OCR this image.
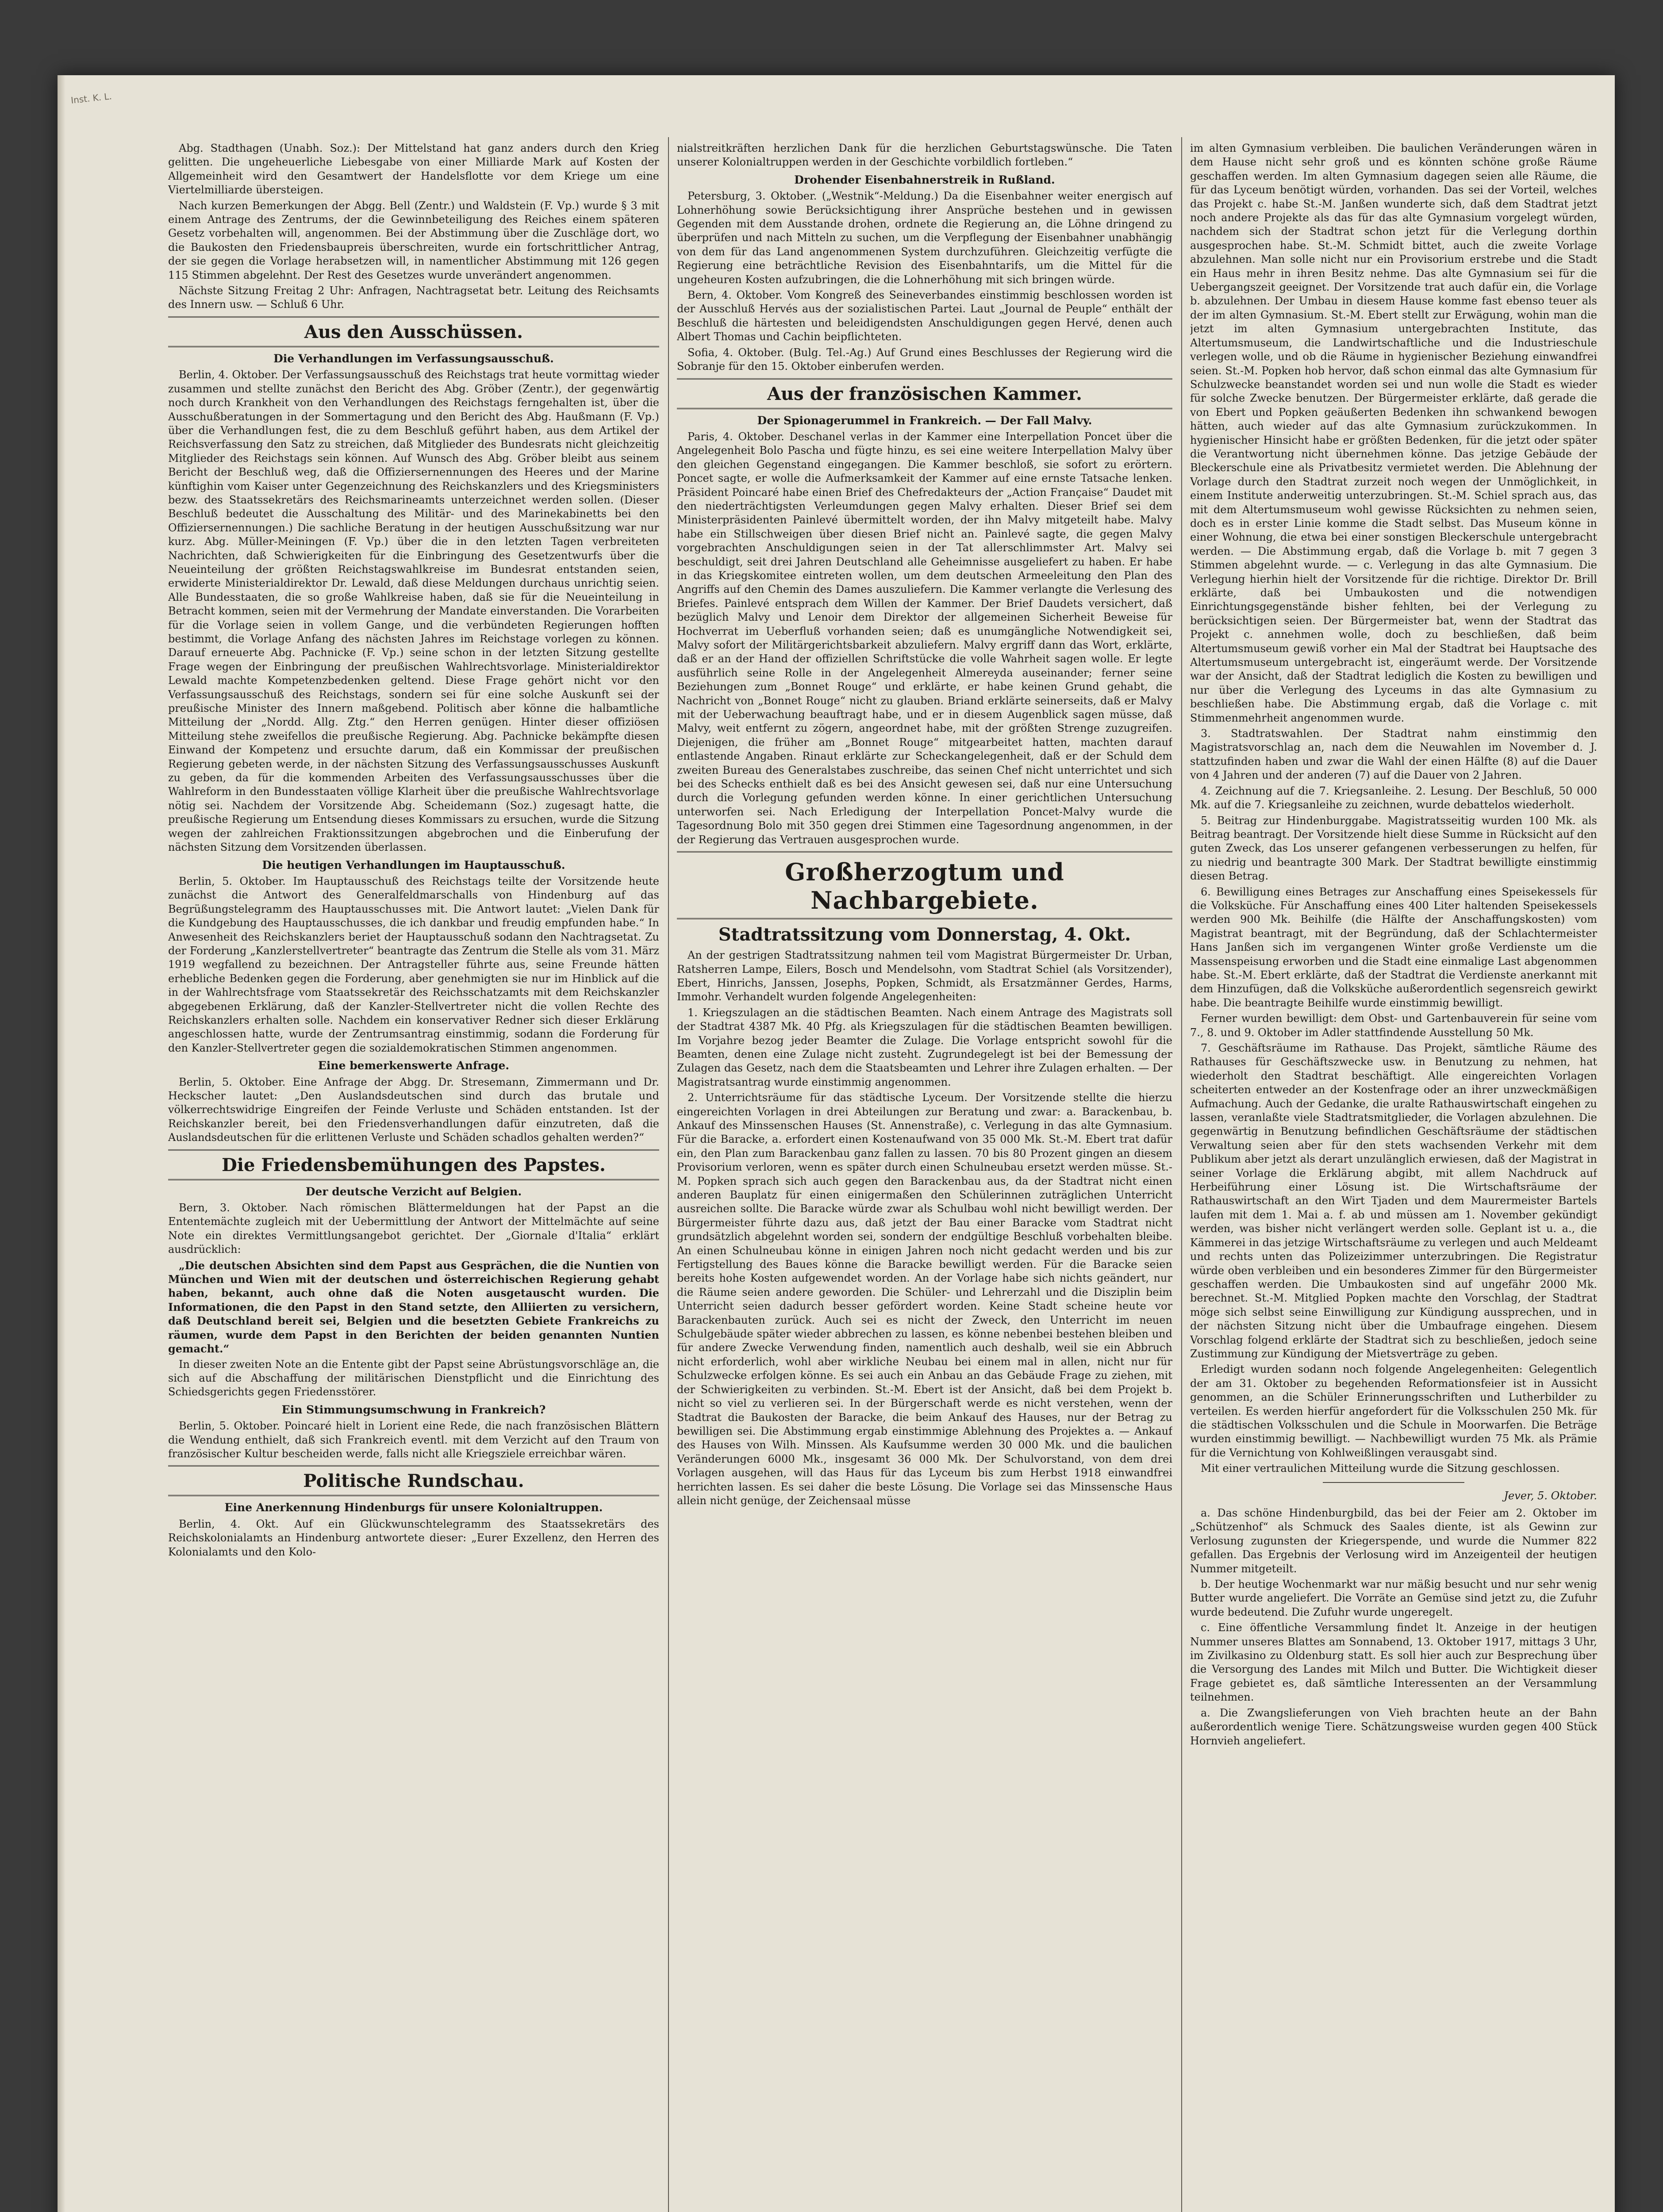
Inst. K. L.

Abg. Stadthagen (Unabh. Soz.): Der Mittelstand hat ganz anders durch den Krieg gelitten. Die ungeheuerliche Liebesgabe von einer Milliarde Mark auf Kosten der Allgemeinheit wird den Gesamtwert der Handelsflotte vor dem Kriege um eine Viertelmilliarde übersteigen.

Nach kurzen Bemerkungen der Abgg. Bell (Zentr.) und Waldstein (F. Vp.) wurde § 3 mit einem Antrage des Zentrums, der die Gewinnbeteiligung des Reiches einem späteren Gesetz vorbehalten will, angenommen. Bei der Abstimmung über die Zuschläge dort, wo die Baukosten den Friedensbaupreis überschreiten, wurde ein fortschrittlicher Antrag, der sie gegen die Vorlage herabsetzen will, in namentlicher Abstimmung mit 126 gegen 115 Stimmen abgelehnt. Der Rest des Gesetzes wurde unverändert angenommen.

Nächste Sitzung Freitag 2 Uhr: Anfragen, Nachtragsetat betr. Leitung des Reichsamts des Innern usw. — Schluß 6 Uhr.

Aus den Ausschüssen.
Die Verhandlungen im Verfassungsausschuß.

Berlin, 4. Oktober. Der Verfassungsausschuß des Reichstags trat heute vormittag wieder zusammen und stellte zunächst den Bericht des Abg. Gröber (Zentr.), der gegenwärtig noch durch Krankheit von den Verhandlungen des Reichstags ferngehalten ist, über die Ausschußberatungen in der Sommertagung und den Bericht des Abg. Haußmann (F. Vp.) über die Verhandlungen fest, die zu dem Beschluß geführt haben, aus dem Artikel der Reichsverfassung den Satz zu streichen, daß Mitglieder des Bundesrats nicht gleichzeitig Mitglieder des Reichstags sein können. Auf Wunsch des Abg. Gröber bleibt aus seinem Bericht der Beschluß weg, daß die Offiziersernennungen des Heeres und der Marine künftighin vom Kaiser unter Gegenzeichnung des Reichskanzlers und des Kriegsministers bezw. des Staatssekretärs des Reichsmarineamts unterzeichnet werden sollen. (Dieser Beschluß bedeutet die Ausschaltung des Militär- und des Marinekabinetts bei den Offiziersernennungen.) Die sachliche Beratung in der heutigen Ausschußsitzung war nur kurz. Abg. Müller-Meiningen (F. Vp.) über die in den letzten Tagen verbreiteten Nachrichten, daß Schwierigkeiten für die Einbringung des Gesetzentwurfs über die Neueinteilung der größten Reichstagswahlkreise im Bundesrat entstanden seien, erwiderte Ministerialdirektor Dr. Lewald, daß diese Meldungen durchaus unrichtig seien. Alle Bundesstaaten, die so große Wahlkreise haben, daß sie für die Neueinteilung in Betracht kommen, seien mit der Vermehrung der Mandate einverstanden. Die Vorarbeiten für die Vorlage seien in vollem Gange, und die verbündeten Regierungen hofften bestimmt, die Vorlage Anfang des nächsten Jahres im Reichstage vorlegen zu können. Darauf erneuerte Abg. Pachnicke (F. Vp.) seine schon in der letzten Sitzung gestellte Frage wegen der Einbringung der preußischen Wahlrechtsvorlage. Ministerialdirektor Lewald machte Kompetenzbedenken geltend. Diese Frage gehört nicht vor den Verfassungsausschuß des Reichstags, sondern sei für eine solche Auskunft sei der preußische Minister des Innern maßgebend. Politisch aber könne die halbamtliche Mitteilung der „Nordd. Allg. Ztg.“ den Herren genügen. Hinter dieser offiziösen Mitteilung stehe zweifellos die preußische Regierung. Abg. Pachnicke bekämpfte diesen Einwand der Kompetenz und ersuchte darum, daß ein Kommissar der preußischen Regierung gebeten werde, in der nächsten Sitzung des Verfassungsausschusses Auskunft zu geben, da für die kommenden Arbeiten des Verfassungsausschusses über die Wahlreform in den Bundesstaaten völlige Klarheit über die preußische Wahlrechtsvorlage nötig sei. Nachdem der Vorsitzende Abg. Scheidemann (Soz.) zugesagt hatte, die preußische Regierung um Entsendung dieses Kommissars zu ersuchen, wurde die Sitzung wegen der zahlreichen Fraktionssitzungen abgebrochen und die Einberufung der nächsten Sitzung dem Vorsitzenden überlassen.

Die heutigen Verhandlungen im Hauptausschuß.

Berlin, 5. Oktober. Im Hauptausschuß des Reichstags teilte der Vorsitzende heute zunächst die Antwort des Generalfeldmarschalls von Hindenburg auf das Begrüßungstelegramm des Hauptausschusses mit. Die Antwort lautet: „Vielen Dank für die Kundgebung des Hauptausschusses, die ich dankbar und freudig empfunden habe.“ In Anwesenheit des Reichskanzlers beriet der Hauptausschuß sodann den Nachtragsetat. Zu der Forderung „Kanzlerstellvertreter“ beantragte das Zentrum die Stelle als vom 31. März 1919 wegfallend zu bezeichnen. Der Antragsteller führte aus, seine Freunde hätten erhebliche Bedenken gegen die Forderung, aber genehmigten sie nur im Hinblick auf die in der Wahlrechtsfrage vom Staatssekretär des Reichsschatzamts mit dem Reichskanzler abgegebenen Erklärung, daß der Kanzler-Stellvertreter nicht die vollen Rechte des Reichskanzlers erhalten solle. Nachdem ein konservativer Redner sich dieser Erklärung angeschlossen hatte, wurde der Zentrumsantrag einstimmig, sodann die Forderung für den Kanzler-Stellvertreter gegen die sozialdemokratischen Stimmen angenommen.

Eine bemerkenswerte Anfrage.

Berlin, 5. Oktober. Eine Anfrage der Abgg. Dr. Stresemann, Zimmermann und Dr. Heckscher lautet: „Den Auslandsdeutschen sind durch das brutale und völkerrechtswidrige Eingreifen der Feinde Verluste und Schäden entstanden. Ist der Reichskanzler bereit, bei den Friedensverhandlungen dafür einzutreten, daß die Auslandsdeutschen für die erlittenen Verluste und Schäden schadlos gehalten werden?“

Die Friedensbemühungen des Papstes.
Der deutsche Verzicht auf Belgien.

Bern, 3. Oktober. Nach römischen Blättermeldungen hat der Papst an die Ententemächte zugleich mit der Uebermittlung der Antwort der Mittelmächte auf seine Note ein direktes Vermittlungsangebot gerichtet. Der „Giornale d'Italia“ erklärt ausdrücklich:

„Die deutschen Absichten sind dem Papst aus Gesprächen, die die Nuntien von München und Wien mit der deutschen und österreichischen Regierung gehabt haben, bekannt, auch ohne daß die Noten ausgetauscht wurden. Die Informationen, die den Papst in den Stand setzte, den Alliierten zu versichern, daß Deutschland bereit sei, Belgien und die besetzten Gebiete Frankreichs zu räumen, wurde dem Papst in den Berichten der beiden genannten Nuntien gemacht.“

In dieser zweiten Note an die Entente gibt der Papst seine Abrüstungsvorschläge an, die sich auf die Abschaffung der militärischen Dienstpflicht und die Einrichtung des Schiedsgerichts gegen Friedensstörer.

Ein Stimmungsumschwung in Frankreich?

Berlin, 5. Oktober. Poincaré hielt in Lorient eine Rede, die nach französischen Blättern die Wendung enthielt, daß sich Frankreich eventl. mit dem Verzicht auf den Traum von französischer Kultur bescheiden werde, falls nicht alle Kriegsziele erreichbar wären.

Politische Rundschau.
Eine Anerkennung Hindenburgs für unsere Kolonialtruppen.

Berlin, 4. Okt. Auf ein Glückwunschtelegramm des Staatssekretärs des Reichskolonialamts an Hindenburg antwortete dieser: „Eurer Exzellenz, den Herren des Kolonialamts und den Kolo-

nialstreitkräften herzlichen Dank für die herzlichen Geburtstagswünsche. Die Taten unserer Kolonialtruppen werden in der Geschichte vorbildlich fortleben.“

Drohender Eisenbahnerstreik in Rußland.

Petersburg, 3. Oktober. („Westnik“-Meldung.) Da die Eisenbahner weiter energisch auf Lohnerhöhung sowie Berücksichtigung ihrer Ansprüche bestehen und in gewissen Gegenden mit dem Ausstande drohen, ordnete die Regierung an, die Löhne dringend zu überprüfen und nach Mitteln zu suchen, um die Verpflegung der Eisenbahner unabhängig von dem für das Land angenommenen System durchzuführen. Gleichzeitig verfügte die Regierung eine beträchtliche Revision des Eisenbahntarifs, um die Mittel für die ungeheuren Kosten aufzubringen, die die Lohnerhöhung mit sich bringen würde.

Bern, 4. Oktober. Vom Kongreß des Seineverbandes einstimmig beschlossen worden ist der Ausschluß Hervés aus der sozialistischen Partei. Laut „Journal de Peuple“ enthält der Beschluß die härtesten und beleidigendsten Anschuldigungen gegen Hervé, denen auch Albert Thomas und Cachin beipflichteten.

Sofia, 4. Oktober. (Bulg. Tel.-Ag.) Auf Grund eines Beschlusses der Regierung wird die Sobranje für den 15. Oktober einberufen werden.

Aus der französischen Kammer.
Der Spionagerummel in Frankreich. — Der Fall Malvy.

Paris, 4. Oktober. Deschanel verlas in der Kammer eine Interpellation Poncet über die Angelegenheit Bolo Pascha und fügte hinzu, es sei eine weitere Interpellation Malvy über den gleichen Gegenstand eingegangen. Die Kammer beschloß, sie sofort zu erörtern. Poncet sagte, er wolle die Aufmerksamkeit der Kammer auf eine ernste Tatsache lenken. Präsident Poincaré habe einen Brief des Chefredakteurs der „Action Française“ Daudet mit den niederträchtigsten Verleumdungen gegen Malvy erhalten. Dieser Brief sei dem Ministerpräsidenten Painlevé übermittelt worden, der ihn Malvy mitgeteilt habe. Malvy habe ein Stillschweigen über diesen Brief nicht an. Painlevé sagte, die gegen Malvy vorgebrachten Anschuldigungen seien in der Tat allerschlimmster Art. Malvy sei beschuldigt, seit drei Jahren Deutschland alle Geheimnisse ausgeliefert zu haben. Er habe in das Kriegskomitee eintreten wollen, um dem deutschen Armeeleitung den Plan des Angriffs auf den Chemin des Dames auszuliefern. Die Kammer verlangte die Verlesung des Briefes. Painlevé entsprach dem Willen der Kammer. Der Brief Daudets versichert, daß bezüglich Malvy und Lenoir dem Direktor der allgemeinen Sicherheit Beweise für Hochverrat im Ueberfluß vorhanden seien; daß es unumgängliche Notwendigkeit sei, Malvy sofort der Militärgerichtsbarkeit abzuliefern. Malvy ergriff dann das Wort, erklärte, daß er an der Hand der offiziellen Schriftstücke die volle Wahrheit sagen wolle. Er legte ausführlich seine Rolle in der Angelegenheit Almereyda auseinander; ferner seine Beziehungen zum „Bonnet Rouge“ und erklärte, er habe keinen Grund gehabt, die Nachricht von „Bonnet Rouge“ nicht zu glauben. Briand erklärte seinerseits, daß er Malvy mit der Ueberwachung beauftragt habe, und er in diesem Augenblick sagen müsse, daß Malvy, weit entfernt zu zögern, angeordnet habe, mit der größten Strenge zuzugreifen. Diejenigen, die früher am „Bonnet Rouge“ mitgearbeitet hatten, machten darauf entlastende Angaben. Rinaut erklärte zur Scheckangelegenheit, daß er der Schuld dem zweiten Bureau des Generalstabes zuschreibe, das seinen Chef nicht unterrichtet und sich bei des Schecks enthielt daß es bei des Ansicht gewesen sei, daß nur eine Untersuchung durch die Vorlegung gefunden werden könne. In einer gerichtlichen Untersuchung unterworfen sei. Nach Erledigung der Interpellation Poncet-Malvy wurde die Tagesordnung Bolo mit 350 gegen drei Stimmen eine Tagesordnung angenommen, in der der Regierung das Vertrauen ausgesprochen wurde.

Großherzogtum und Nachbargebiete.
Stadtratssitzung vom Donnerstag, 4. Okt.

An der gestrigen Stadtratssitzung nahmen teil vom Magistrat Bürgermeister Dr. Urban, Ratsherren Lampe, Eilers, Bosch und Mendelsohn, vom Stadtrat Schiel (als Vorsitzender), Ebert, Hinrichs, Janssen, Josephs, Popken, Schmidt, als Ersatzmänner Gerdes, Harms, Immohr. Verhandelt wurden folgende Angelegenheiten:

1. Kriegszulagen an die städtischen Beamten. Nach einem Antrage des Magistrats soll der Stadtrat 4387 Mk. 40 Pfg. als Kriegszulagen für die städtischen Beamten bewilligen. Im Vorjahre bezog jeder Beamter die Zulage. Die Vorlage entspricht sowohl für die Beamten, denen eine Zulage nicht zusteht. Zugrundegelegt ist bei der Bemessung der Zulagen das Gesetz, nach dem die Staatsbeamten und Lehrer ihre Zulagen erhalten. — Der Magistratsantrag wurde einstimmig angenommen.

2. Unterrichtsräume für das städtische Lyceum. Der Vorsitzende stellte die hierzu eingereichten Vorlagen in drei Abteilungen zur Beratung und zwar: a. Barackenbau, b. Ankauf des Minssenschen Hauses (St. Annenstraße), c. Verlegung in das alte Gymnasium. Für die Baracke, a. erfordert einen Kostenaufwand von 35 000 Mk. St.-M. Ebert trat dafür ein, den Plan zum Barackenbau ganz fallen zu lassen. 70 bis 80 Prozent gingen an diesem Provisorium verloren, wenn es später durch einen Schulneubau ersetzt werden müsse. St.-M. Popken sprach sich auch gegen den Barackenbau aus, da der Stadtrat nicht einen anderen Bauplatz für einen einigermaßen den Schülerinnen zuträglichen Unterricht ausreichen sollte. Die Baracke würde zwar als Schulbau wohl nicht bewilligt werden. Der Bürgermeister führte dazu aus, daß jetzt der Bau einer Baracke vom Stadtrat nicht grundsätzlich abgelehnt worden sei, sondern der endgültige Beschluß vorbehalten bleibe. An einen Schulneubau könne in einigen Jahren noch nicht gedacht werden und bis zur Fertigstellung des Baues könne die Baracke bewilligt werden. Für die Baracke seien bereits hohe Kosten aufgewendet worden. An der Vorlage habe sich nichts geändert, nur die Räume seien andere geworden. Die Schüler- und Lehrerzahl und die Disziplin beim Unterricht seien dadurch besser gefördert worden. Keine Stadt scheine heute vor Barackenbauten zurück. Auch sei es nicht der Zweck, den Unterricht im neuen Schulgebäude später wieder abbrechen zu lassen, es könne nebenbei bestehen bleiben und für andere Zwecke Verwendung finden, namentlich auch deshalb, weil sie ein Abbruch nicht erforderlich, wohl aber wirkliche Neubau bei einem mal in allen, nicht nur für Schulzwecke erfolgen könne. Es sei auch ein Anbau an das Gebäude Frage zu ziehen, mit der Schwierigkeiten zu verbinden. St.-M. Ebert ist der Ansicht, daß bei dem Projekt b. nicht so viel zu verlieren sei. In der Bürgerschaft werde es nicht verstehen, wenn der Stadtrat die Baukosten der Baracke, die beim Ankauf des Hauses, nur der Betrag zu bewilligen sei. Die Abstimmung ergab einstimmige Ablehnung des Projektes a. — Ankauf des Hauses von Wilh. Minssen. Als Kaufsumme werden 30 000 Mk. und die baulichen Veränderungen 6000 Mk., insgesamt 36 000 Mk. Der Schulvorstand, von dem drei Vorlagen ausgehen, will das Haus für das Lyceum bis zum Herbst 1918 einwandfrei herrichten lassen. Es sei daher die beste Lösung. Die Vorlage sei das Minssensche Haus allein nicht genüge, der Zeichensaal müsse

im alten Gymnasium verbleiben. Die baulichen Veränderungen wären in dem Hause nicht sehr groß und es könnten schöne große Räume geschaffen werden. Im alten Gymnasium dagegen seien alle Räume, die für das Lyceum benötigt würden, vorhanden. Das sei der Vorteil, welches das Projekt c. habe St.-M. Janßen wunderte sich, daß dem Stadtrat jetzt noch andere Projekte als das für das alte Gymnasium vorgelegt würden, nachdem sich der Stadtrat schon jetzt für die Verlegung dorthin ausgesprochen habe. St.-M. Schmidt bittet, auch die zweite Vorlage abzulehnen. Man solle nicht nur ein Provisorium erstrebe und die Stadt ein Haus mehr in ihren Besitz nehme. Das alte Gymnasium sei für die Uebergangszeit geeignet. Der Vorsitzende trat auch dafür ein, die Vorlage b. abzulehnen. Der Umbau in diesem Hause komme fast ebenso teuer als der im alten Gymnasium. St.-M. Ebert stellt zur Erwägung, wohin man die jetzt im alten Gymnasium untergebrachten Institute, das Altertumsmuseum, die Landwirtschaftliche und die Industrieschule verlegen wolle, und ob die Räume in hygienischer Beziehung einwandfrei seien. St.-M. Popken hob hervor, daß schon einmal das alte Gymnasium für Schulzwecke beanstandet worden sei und nun wolle die Stadt es wieder für solche Zwecke benutzen. Der Bürgermeister erklärte, daß gerade die von Ebert und Popken geäußerten Bedenken ihn schwankend bewogen hätten, auch wieder auf das alte Gymnasium zurückzukommen. In hygienischer Hinsicht habe er größten Bedenken, für die jetzt oder später die Verantwortung nicht übernehmen könne. Das jetzige Gebäude der Bleckerschule eine als Privatbesitz vermietet werden. Die Ablehnung der Vorlage durch den Stadtrat zurzeit noch wegen der Unmöglichkeit, in einem Institute anderweitig unterzubringen. St.-M. Schiel sprach aus, das mit dem Altertumsmuseum wohl gewisse Rücksichten zu nehmen seien, doch es in erster Linie komme die Stadt selbst. Das Museum könne in einer Wohnung, die etwa bei einer sonstigen Bleckerschule untergebracht werden. — Die Abstimmung ergab, daß die Vorlage b. mit 7 gegen 3 Stimmen abgelehnt wurde. — c. Verlegung in das alte Gymnasium. Die Verlegung hierhin hielt der Vorsitzende für die richtige. Direktor Dr. Brill erklärte, daß bei Umbaukosten und die notwendigen Einrichtungsgegenstände bisher fehlten, bei der Verlegung zu berücksichtigen seien. Der Bürgermeister bat, wenn der Stadtrat das Projekt c. annehmen wolle, doch zu beschließen, daß beim Altertumsmuseum gewiß vorher ein Mal der Stadtrat bei Hauptsache des Altertumsmuseum untergebracht ist, eingeräumt werde. Der Vorsitzende war der Ansicht, daß der Stadtrat lediglich die Kosten zu bewilligen und nur über die Verlegung des Lyceums in das alte Gymnasium zu beschließen habe. Die Abstimmung ergab, daß die Vorlage c. mit Stimmenmehrheit angenommen wurde.

3. Stadtratswahlen. Der Stadtrat nahm einstimmig den Magistratsvorschlag an, nach dem die Neuwahlen im November d. J. stattzufinden haben und zwar die Wahl der einen Hälfte (8) auf die Dauer von 4 Jahren und der anderen (7) auf die Dauer von 2 Jahren.

4. Zeichnung auf die 7. Kriegsanleihe. 2. Lesung. Der Beschluß, 50 000 Mk. auf die 7. Kriegsanleihe zu zeichnen, wurde debattelos wiederholt.

5. Beitrag zur Hindenburggabe. Magistratsseitig wurden 100 Mk. als Beitrag beantragt. Der Vorsitzende hielt diese Summe in Rücksicht auf den guten Zweck, das Los unserer gefangenen verbesserungen zu helfen, für zu niedrig und beantragte 300 Mark. Der Stadtrat bewilligte einstimmig diesen Betrag.

6. Bewilligung eines Betrages zur Anschaffung eines Speisekessels für die Volksküche. Für Anschaffung eines 400 Liter haltenden Speisekessels werden 900 Mk. Beihilfe (die Hälfte der Anschaffungskosten) vom Magistrat beantragt, mit der Begründung, daß der Schlachtermeister Hans Janßen sich im vergangenen Winter große Verdienste um die Massenspeisung erworben und die Stadt eine einmalige Last abgenommen habe. St.-M. Ebert erklärte, daß der Stadtrat die Verdienste anerkannt mit dem Hinzufügen, daß die Volksküche außerordentlich segensreich gewirkt habe. Die beantragte Beihilfe wurde einstimmig bewilligt.

Ferner wurden bewilligt: dem Obst- und Gartenbauverein für seine vom 7., 8. und 9. Oktober im Adler stattfindende Ausstellung 50 Mk.

7. Geschäftsräume im Rathause. Das Projekt, sämtliche Räume des Rathauses für Geschäftszwecke usw. in Benutzung zu nehmen, hat wiederholt den Stadtrat beschäftigt. Alle eingereichten Vorlagen scheiterten entweder an der Kostenfrage oder an ihrer unzweckmäßigen Aufmachung. Auch der Gedanke, die uralte Rathauswirtschaft eingehen zu lassen, veranlaßte viele Stadtratsmitglieder, die Vorlagen abzulehnen. Die gegenwärtig in Benutzung befindlichen Geschäftsräume der städtischen Verwaltung seien aber für den stets wachsenden Verkehr mit dem Publikum aber jetzt als derart unzulänglich erwiesen, daß der Magistrat in seiner Vorlage die Erklärung abgibt, mit allem Nachdruck auf Herbeiführung einer Lösung ist. Die Wirtschaftsräume der Rathauswirtschaft an den Wirt Tjaden und dem Maurermeister Bartels laufen mit dem 1. Mai a. f. ab und müssen am 1. November gekündigt werden, was bisher nicht verlängert werden solle. Geplant ist u. a., die Kämmerei in das jetzige Wirtschaftsräume zu verlegen und auch Meldeamt und rechts unten das Polizeizimmer unterzubringen. Die Registratur würde oben verbleiben und ein besonderes Zimmer für den Bürgermeister geschaffen werden. Die Umbaukosten sind auf ungefähr 2000 Mk. berechnet. St.-M. Mitglied Popken machte den Vorschlag, der Stadtrat möge sich selbst seine Einwilligung zur Kündigung aussprechen, und in der nächsten Sitzung nicht über die Umbaufrage eingehen. Diesem Vorschlag folgend erklärte der Stadtrat sich zu beschließen, jedoch seine Zustimmung zur Kündigung der Mietsverträge zu geben.

Erledigt wurden sodann noch folgende Angelegenheiten: Gelegentlich der am 31. Oktober zu begehenden Reformationsfeier ist in Aussicht genommen, an die Schüler Erinnerungsschriften und Lutherbilder zu verteilen. Es werden hierfür angefordert für die Volksschulen 250 Mk. für die städtischen Volksschulen und die Schule in Moorwarfen. Die Beträge wurden einstimmig bewilligt. — Nachbewilligt wurden 75 Mk. als Prämie für die Vernichtung von Kohlweißlingen verausgabt sind.

Mit einer vertraulichen Mitteilung wurde die Sitzung geschlossen.

Jever, 5. Oktober.

a. Das schöne Hindenburgbild, das bei der Feier am 2. Oktober im „Schützenhof“ als Schmuck des Saales diente, ist als Gewinn zur Verlosung zugunsten der Kriegerspende, und wurde die Nummer 822 gefallen. Das Ergebnis der Verlosung wird im Anzeigenteil der heutigen Nummer mitgeteilt.

b. Der heutige Wochenmarkt war nur mäßig besucht und nur sehr wenig Butter wurde angeliefert. Die Vorräte an Gemüse sind jetzt zu, die Zufuhr wurde bedeutend. Die Zufuhr wurde ungeregelt.

c. Eine öffentliche Versammlung findet lt. Anzeige in der heutigen Nummer unseres Blattes am Sonnabend, 13. Oktober 1917, mittags 3 Uhr, im Zivilkasino zu Oldenburg statt. Es soll hier auch zur Besprechung über die Versorgung des Landes mit Milch und Butter. Die Wichtigkeit dieser Frage gebietet es, daß sämtliche Interessenten an der Versammlung teilnehmen.

a. Die Zwangslieferungen von Vieh brachten heute an der Bahn außerordentlich wenige Tiere. Schätzungsweise wurden gegen 400 Stück Hornvieh angeliefert.
